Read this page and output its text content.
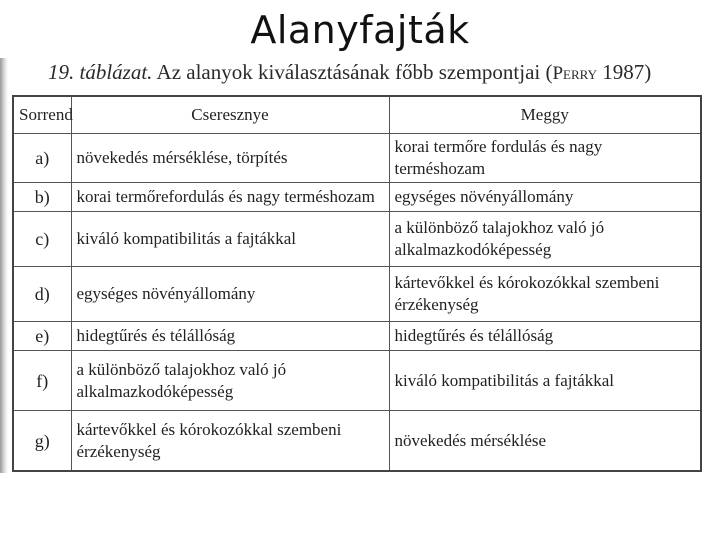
Alanyfajták
19. táblázat. Az alanyok kiválasztásának főbb szempontjai (Perry 1987)
Sorrend	Cseresznye	Meggy
a)	növekedés mérséklése, törpítés	korai termőre fordulás és nagy terméshozam
b)	korai termőrefordulás és nagy terméshozam	egységes növényállomány
c)	kiváló kompatibilitás a fajtákkal	a különböző talajokhoz való jó alkalmazkodóképesség
d)	egységes növényállomány	kártevőkkel és kórokozókkal szembeni érzékenység
e)	hidegtűrés és télállóság	hidegtűrés és télállóság
f)	a különböző talajokhoz való jó alkalmazkodóképesség	kiváló kompatibilitás a fajtákkal
g)	kártevőkkel és kórokozókkal szembeni érzékenység	növekedés mérséklése
